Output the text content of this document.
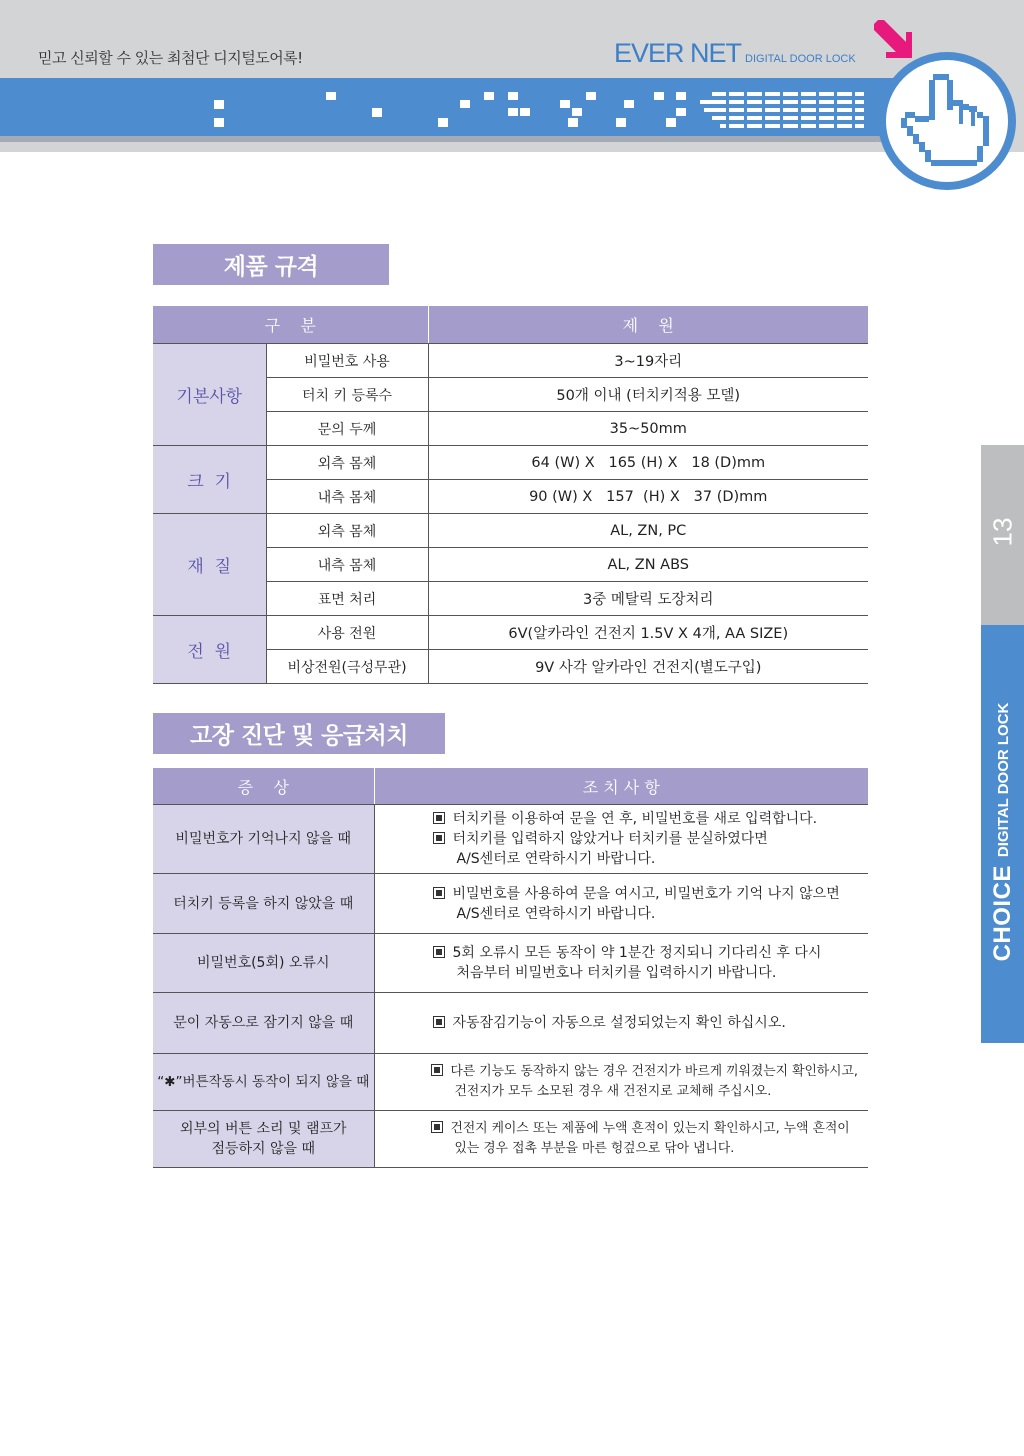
믿고 신뢰할 수 있는 최첨단 디지털도어록!	EVER NET DIGITAL DOOR LOCK
제품 규격
구    분		제    원
기본사항	비밀번호 사용	3~19자리
	터치 키 등록수	50개 이내 (터치키적용 모델)
	문의 두께	35~50mm
크  기	외측 몸체	64 (W) X   165 (H) X   18 (D)mm
	내측 몸체	90 (W) X   157  (H) X   37 (D)mm
재  질	외측 몸체	AL, ZN, PC
	내측 몸체	AL, ZN ABS
	표면 처리	3중 메탈릭 도장처리
전  원	사용 전원	6V(알카라인 건전지 1.5V X 4개, AA SIZE)
	비상전원(극성무관)	9V 사각 알카라인 건전지(별도구입)
고장 진단 및 응급처치
증    상	조 치 사 항
비밀번호가 기억나지 않을 때	터치키를 이용하여 문을 연 후, 비밀번호를 새로 입력합니다.
터치키를 입력하지 않았거나 터치키를 분실하였다면
A/S센터로 연락하시기 바랍니다.

터치키 등록을 하지 않았을 때	비밀번호를 사용하여 문을 여시고, 비밀번호가 기억 나지 않으면
A/S센터로 연락하시기 바랍니다.

비밀번호(5회) 오류시	5회 오류시 모든 동작이 약 1분간 정지되니 기다리신 후 다시
처음부터 비밀번호나 터치키를 입력하시기 바랍니다.

문이 자동으로 잠기지 않을 때	자동잠김기능이 자동으로 설정되었는지 확인 하십시오.

“✱”버튼작동시 동작이 되지 않을 때	다른 기능도 동작하지 않는 경우 건전지가 바르게 끼워졌는지 확인하시고,
건전지가 모두 소모된 경우 새 건전지로 교체해 주십시오.

외부의 버튼 소리 및 램프가
점등하지 않을 때	건전지 케이스 또는 제품에 누액 흔적이 있는지 확인하시고, 누액 흔적이
있는 경우 접촉 부분을 마른 헝겊으로 닦아 냅니다.
13
CHOICE
DIGITAL DOOR LOCK
